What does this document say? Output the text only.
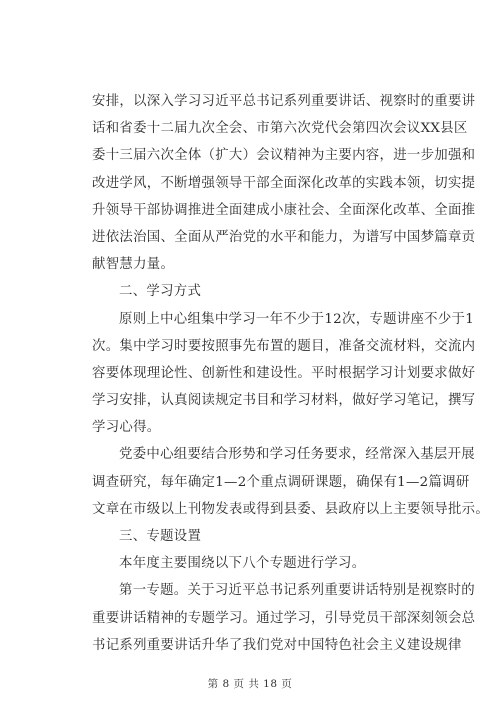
安排，以深入学习习近平总书记系列重要讲话、视察时的重要讲
话和省委十二届九次全会、市第六次党代会第四次会议XX县区
委十三届六次全体（扩大）会议精神为主要内容，进一步加强和
改进学风，不断增强领导干部全面深化改革的实践本领，切实提
升领导干部协调推进全面建成小康社会、全面深化改革、全面推
进依法治国、全面从严治党的水平和能力，为谱写中国梦篇章贡
献智慧力量。
二、学习方式
原则上中心组集中学习一年不少于12次，专题讲座不少于1
次。集中学习时要按照事先布置的题目，准备交流材料，交流内
容要体现理论性、创新性和建设性。平时根据学习计划要求做好
学习安排，认真阅读规定书目和学习材料，做好学习笔记，撰写
学习心得。
党委中心组要结合形势和学习任务要求，经常深入基层开展
调查研究，每年确定1—2个重点调研课题，确保有1—2篇调研
文章在市级以上刊物发表或得到县委、县政府以上主要领导批示。
三、专题设置
本年度主要围绕以下八个专题进行学习。
第一专题。关于习近平总书记系列重要讲话特别是视察时的
重要讲话精神的专题学习。通过学习，引导党员干部深刻领会总
书记系列重要讲话升华了我们党对中国特色社会主义建设规律
第 8 页 共 18 页
